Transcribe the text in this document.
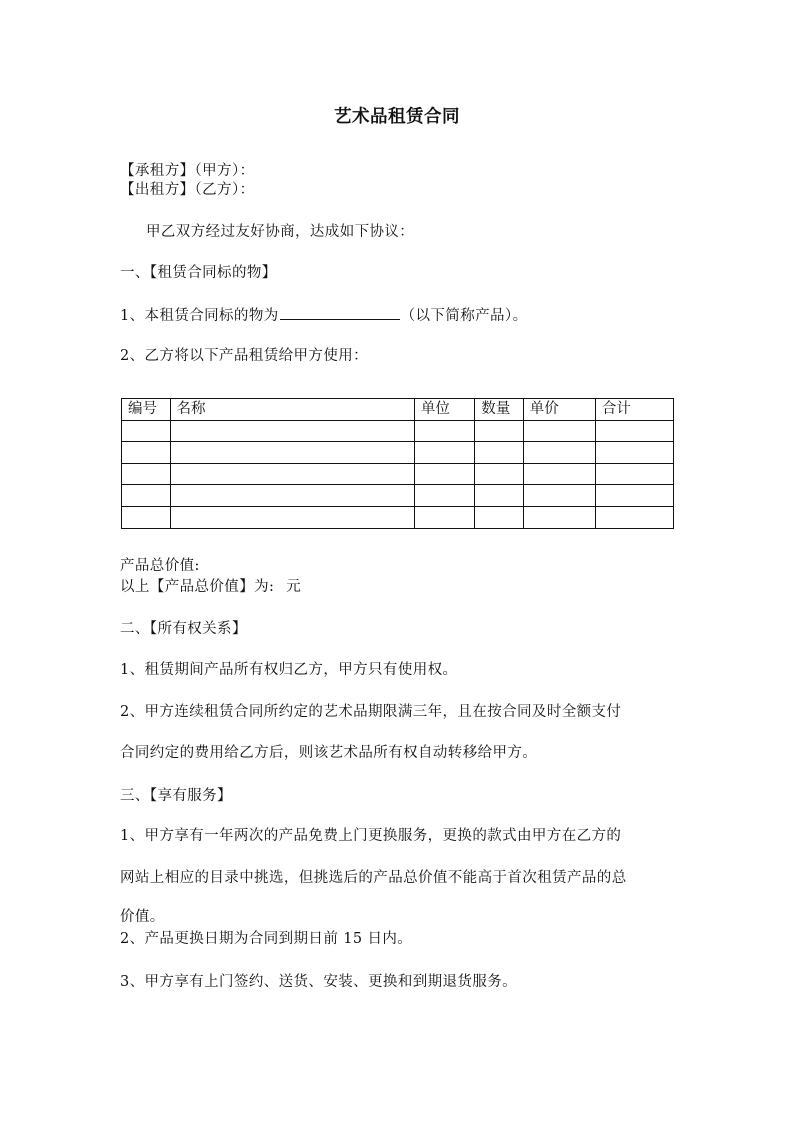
艺术品租赁合同
【承租方】（甲方）：
【出租方】（乙方）：
甲乙双方经过友好协商，达成如下协议：
一、【租赁合同标的物】
1、本租赁合同标的物为	（以下简称产品）。
2、乙方将以下产品租赁给甲方使用：
编号	名称	单位	数量	单价	合计

产品总价值:
以上【产品总价值】为: 元
二、【所有权关系】
1、租赁期间产品所有权归乙方，甲方只有使用权。
2、甲方连续租赁合同所约定的艺术品期限满三年，且在按合同及时全额支付
合同约定的费用给乙方后，则该艺术品所有权自动转移给甲方。
三、【享有服务】
1、甲方享有一年两次的产品免费上门更换服务，更换的款式由甲方在乙方的
网站上相应的目录中挑选，但挑选后的产品总价值不能高于首次租赁产品的总
价值。
2、产品更换日期为合同到期日前 15 日内。
3、甲方享有上门签约、送货、安装、更换和到期退货服务。
